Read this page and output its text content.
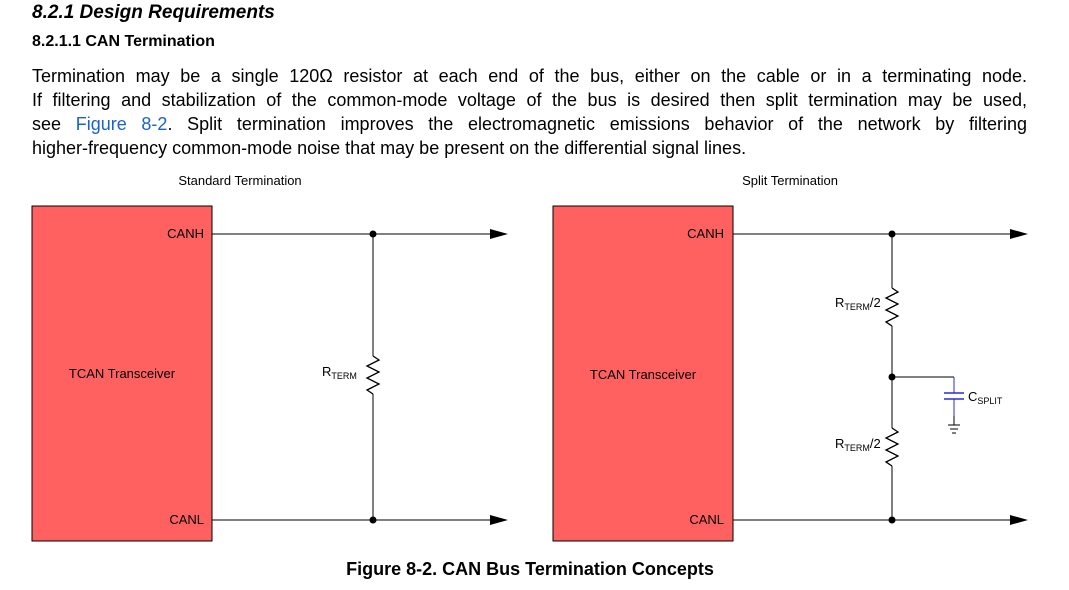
8.2.1 Design Requirements
8.2.1.1 CAN Termination
Termination may be a single 120Ω resistor at each end of the bus, either on the cable or in a terminating node.
If filtering and stabilization of the common-mode voltage of the bus is desired then split termination may be used,
see Figure 8-2. Split termination improves the electromagnetic emissions behavior of the network by filtering
higher-frequency common-mode noise that may be present on the differential signal lines.
Standard Termination	Split Termination
TCAN Transceiver
CANH
CANL
RTERM	TCAN Transceiver
CANH
CANL
RTERM/2
RTERM/2
CSPLIT

Figure 8-2. CAN Bus Termination Concepts
